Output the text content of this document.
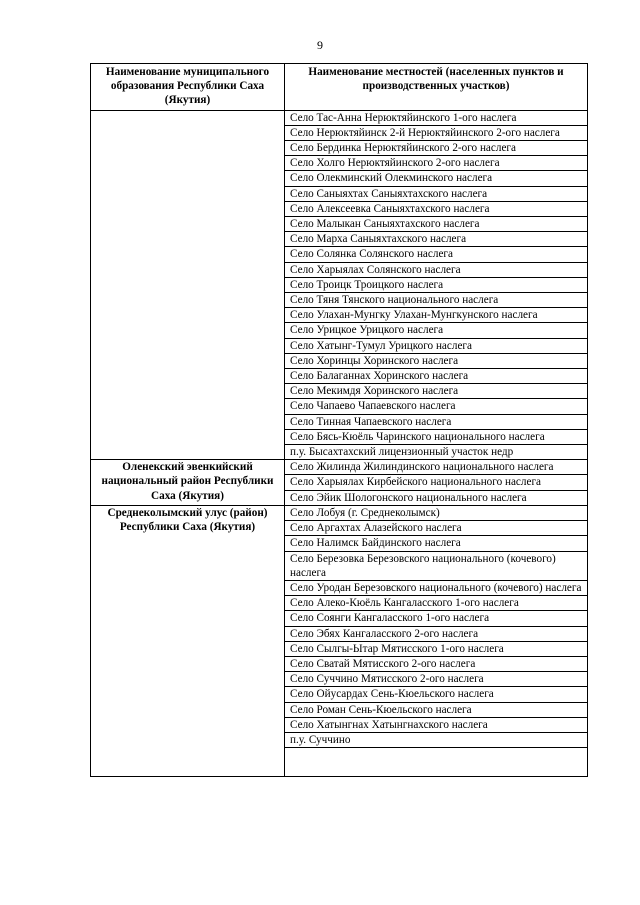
9
Наименование муниципального образования Республики Саха (Якутия)	Наименование местностей (населенных пунктов и производственных участков)
	Село Тас-Анна Нерюктяйинского 1-ого наслега
	Село Нерюктяйинск 2-й Нерюктяйинского 2-ого наслега
	Село Бердинка Нерюктяйинского 2-ого наслега
	Село Холго Нерюктяйинского 2-ого наслега
	Село Олекминский Олекминского наслега
	Село Саныяхтах Саныяхтахского наслега
	Село Алексеевка Саныяхтахского наслега
	Село Малыкан Саныяхтахского наслега
	Село Марха Саныяхтахского наслега
	Село Солянка Солянского наслега
	Село Харыялах Солянского наслега
	Село Троицк Троицкого наслега
	Село Тяня Тянского национального наслега
	Село Улахан-Мунгку Улахан-Мунгкунского наслега
	Село Урицкое Урицкого наслега
	Село Хатынг-Тумул Урицкого наслега
	Село Хоринцы Хоринского наслега
	Село Балаганнах Хоринского наслега
	Село Мекимдя Хоринского наслега
	Село Чапаево Чапаевского наслега
	Село Тинная Чапаевского наслега
	Село Бясь-Кюёль Чаринского национального наслега
	п.у. Бысахтахский лицензионный участок недр
Оленекский эвенкийский национальный район Республики Саха (Якутия)	Село Жилинда Жилиндинского национального наслега
	Село Харыялах Кирбейского национального наслега
	Село Эйик Шологонского национального наслега
Среднеколымский улус (район) Республики Саха (Якутия)	Село Лобуя (г. Среднеколымск)
	Село Аргахтах Алазейского наслега
	Село Налимск Байдинского наслега
	Село Березовка Березовского национального (кочевого) наслега
	Село Уродан Березовского национального (кочевого) наслега
	Село Алеко-Кюёль Кангаласского 1-ого наслега
	Село Соянги Кангаласского 1-ого наслега
	Село Эбях Кангаласского 2-ого наслега
	Село Сылгы-Ытар Мятисского 1-ого наслега
	Село Сватай Мятисского 2-ого наслега
	Село Суччино Мятисского 2-ого наслега
	Село Ойусардах Сень-Кюельского наслега
	Село Роман Сень-Кюельского наслега
	Село Хатынгнах Хатынгнахского наслега
	п.у. Суччино
